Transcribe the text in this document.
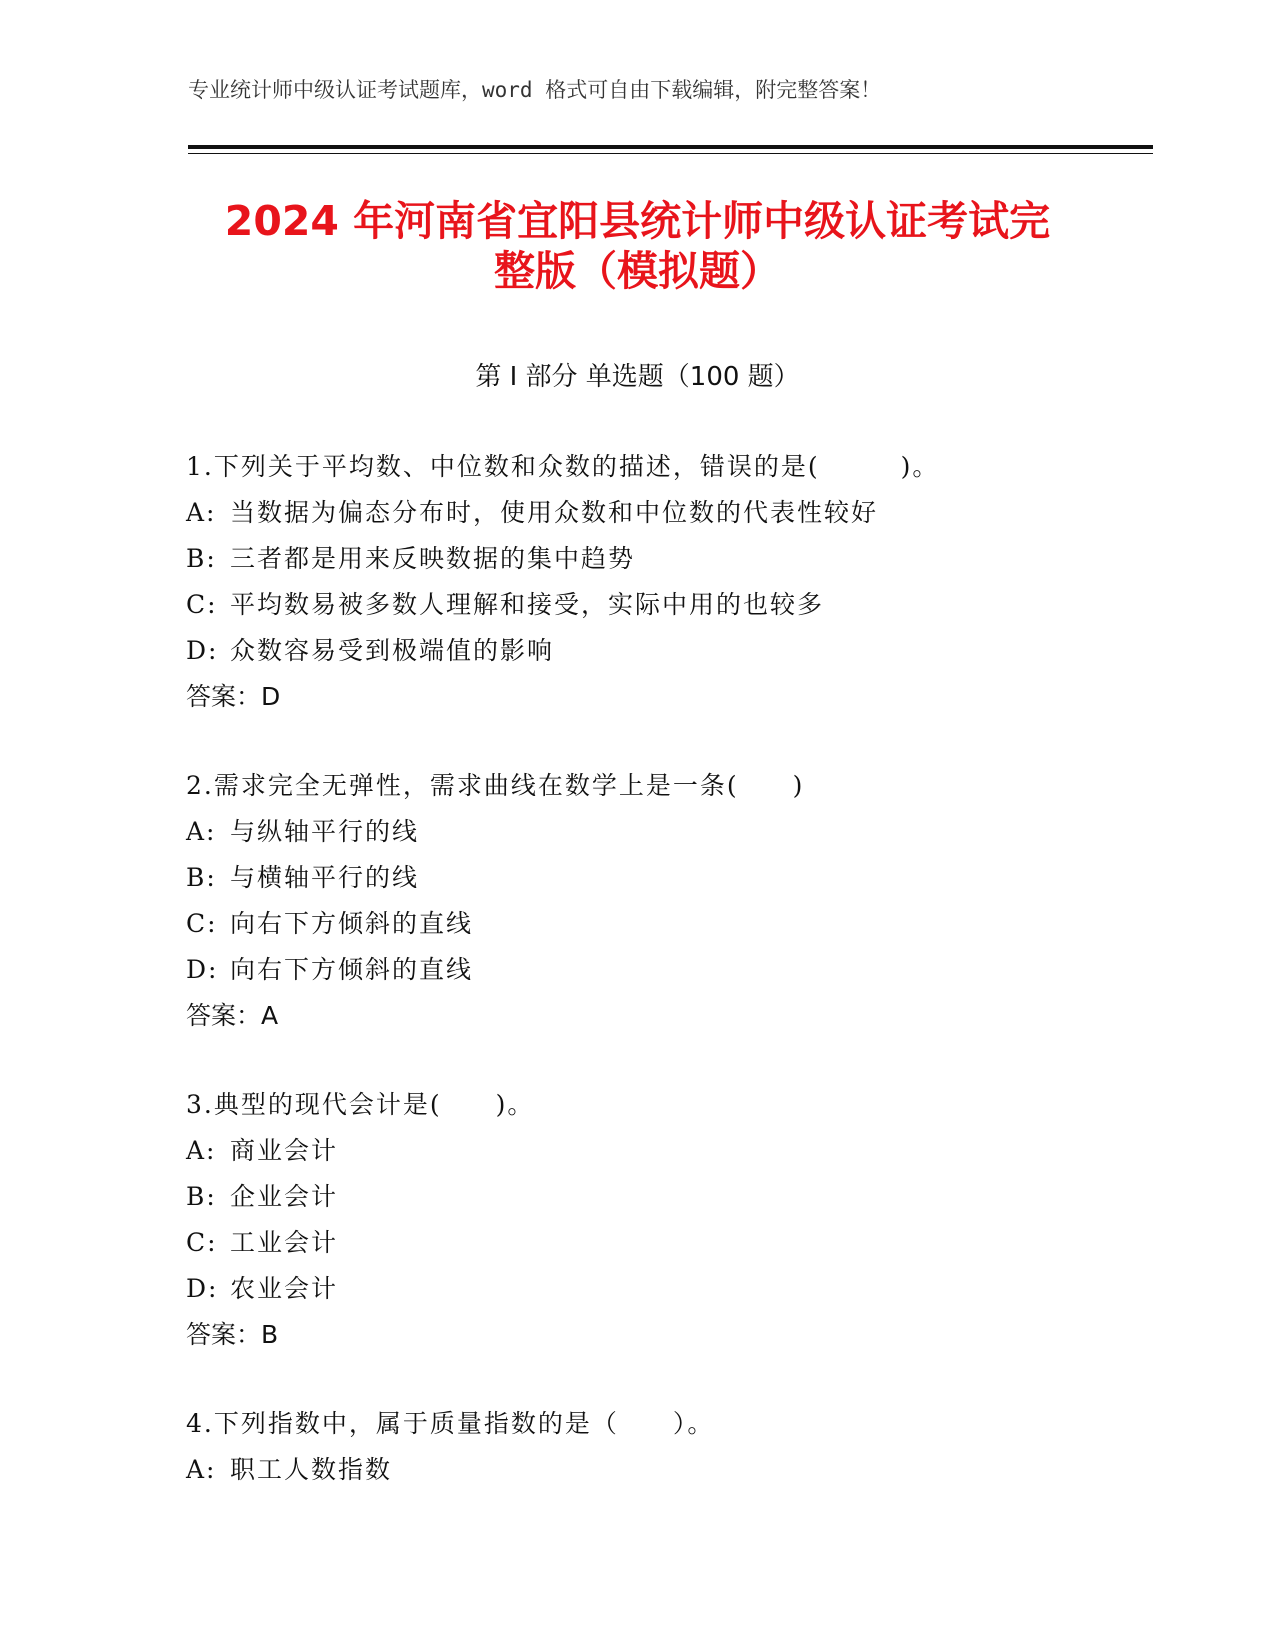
专业统计师中级认证考试题库，word 格式可自由下载编辑，附完整答案！
2024 年河南省宜阳县统计师中级认证考试完
整版（模拟题）
第 I 部分 单选题（100 题）
1.下列关于平均数、中位数和众数的描述，错误的是(　　　)。
A: 当数据为偏态分布时，使用众数和中位数的代表性较好
B: 三者都是用来反映数据的集中趋势
C: 平均数易被多数人理解和接受，实际中用的也较多
D: 众数容易受到极端值的影响
答案：D
2.需求完全无弹性，需求曲线在数学上是一条(　　)
A: 与纵轴平行的线
B: 与横轴平行的线
C: 向右下方倾斜的直线
D: 向右下方倾斜的直线
答案：A
3.典型的现代会计是(　　)。
A: 商业会计
B: 企业会计
C: 工业会计
D: 农业会计
答案：B
4.下列指数中，属于质量指数的是（　　）。
A: 职工人数指数
